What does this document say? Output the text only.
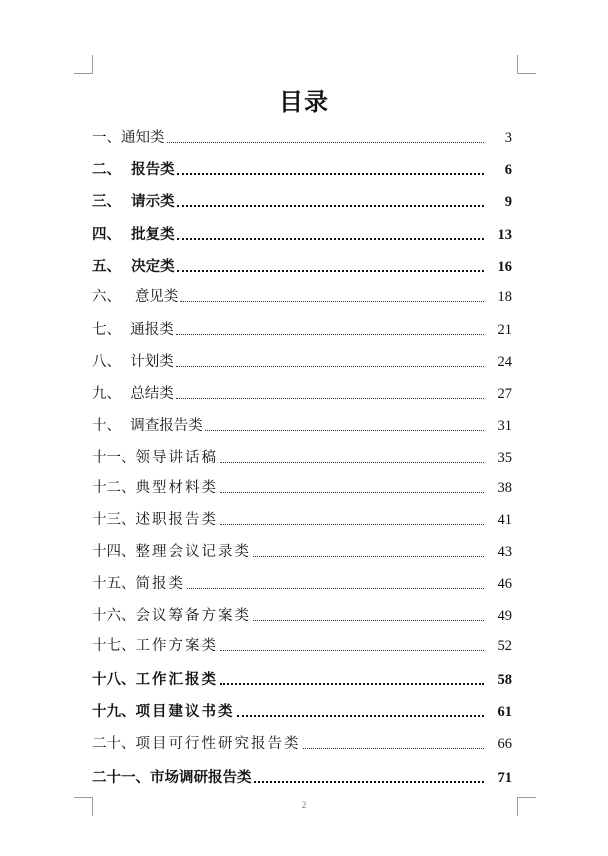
目录
一、 通知类	3
二、 报告类	6
三、 请示类	9
四、 批复类	13
五、 决定类	16
六、 意见类	18
七、 通报类	21
八、 计划类	24
九、 总结类	27
十、 调查报告类	31
十一、 领导讲话稿	35
十二、 典型材料类	38
十三、 述职报告类	41
十四、 整理会议记录类	43
十五、 简报类	46
十六、 会议筹备方案类	49
十七、 工作方案类	52
十八、 工作汇报类	58
十九、 项目建议书类	61
二十、 项目可行性研究报告类	66
二十一、 市场调研报告类	71
2
